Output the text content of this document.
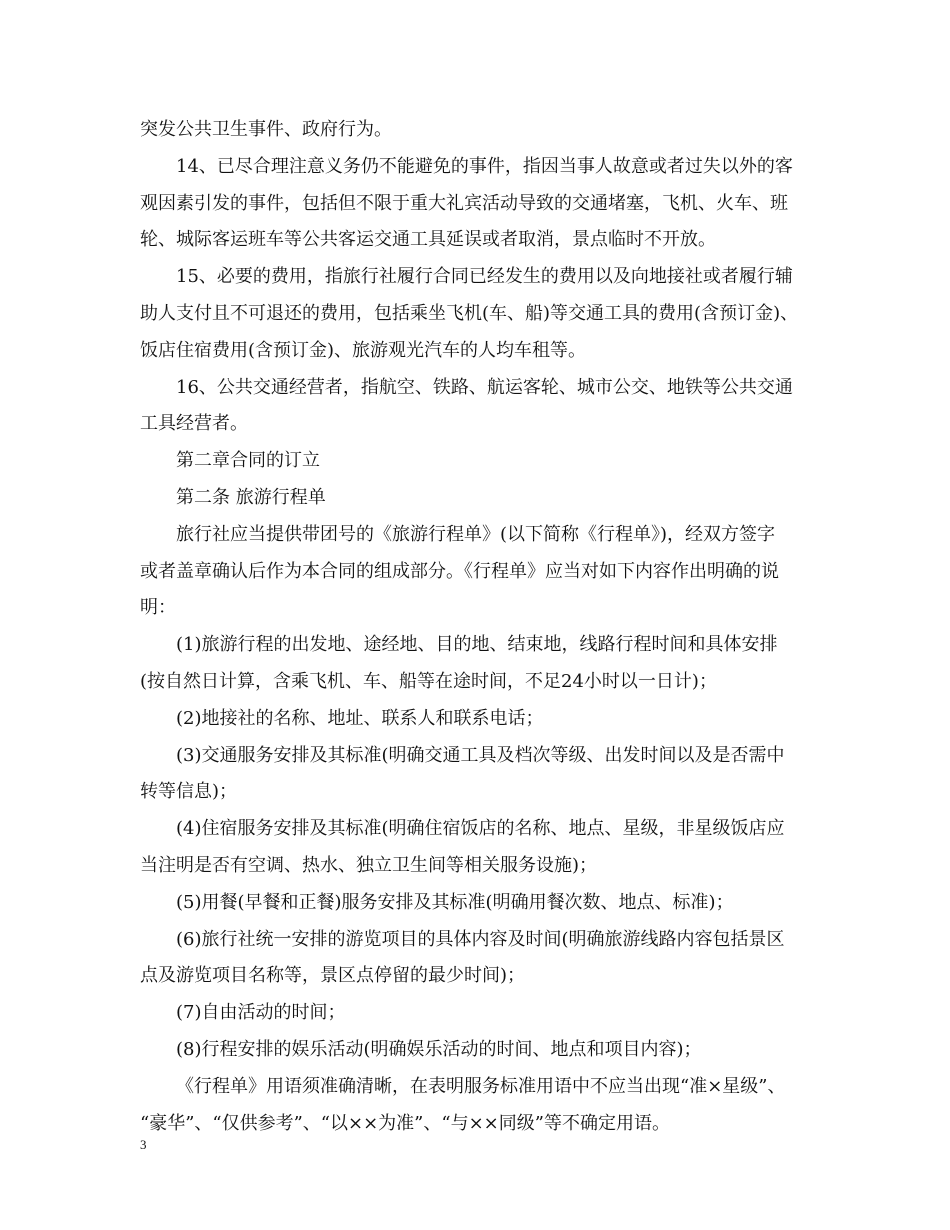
突发公共卫生事件、政府行为。
14、已尽合理注意义务仍不能避免的事件，指因当事人故意或者过失以外的客
观因素引发的事件，包括但不限于重大礼宾活动导致的交通堵塞，飞机、火车、班
轮、城际客运班车等公共客运交通工具延误或者取消，景点临时不开放。
15、必要的费用，指旅行社履行合同已经发生的费用以及向地接社或者履行辅
助人支付且不可退还的费用，包括乘坐飞机(车、船)等交通工具的费用(含预订金)、
饭店住宿费用(含预订金)、旅游观光汽车的人均车租等。
16、公共交通经营者，指航空、铁路、航运客轮、城市公交、地铁等公共交通
工具经营者。
第二章合同的订立
第二条 旅游行程单
旅行社应当提供带团号的《旅游行程单》(以下简称《行程单》)，经双方签字
或者盖章确认后作为本合同的组成部分。《行程单》应当对如下内容作出明确的说
明：
(1)旅游行程的出发地、途经地、目的地、结束地，线路行程时间和具体安排
(按自然日计算，含乘飞机、车、船等在途时间，不足24小时以一日计)；
(2)地接社的名称、地址、联系人和联系电话；
(3)交通服务安排及其标准(明确交通工具及档次等级、出发时间以及是否需中
转等信息)；
(4)住宿服务安排及其标准(明确住宿饭店的名称、地点、星级，非星级饭店应
当注明是否有空调、热水、独立卫生间等相关服务设施)；
(5)用餐(早餐和正餐)服务安排及其标准(明确用餐次数、地点、标准)；
(6)旅行社统一安排的游览项目的具体内容及时间(明确旅游线路内容包括景区
点及游览项目名称等，景区点停留的最少时间)；
(7)自由活动的时间；
(8)行程安排的娱乐活动(明确娱乐活动的时间、地点和项目内容)；
《行程单》用语须准确清晰，在表明服务标准用语中不应当出现“准×星级”、
“豪华”、“仅供参考”、“以××为准”、“与××同级”等不确定用语。
3
